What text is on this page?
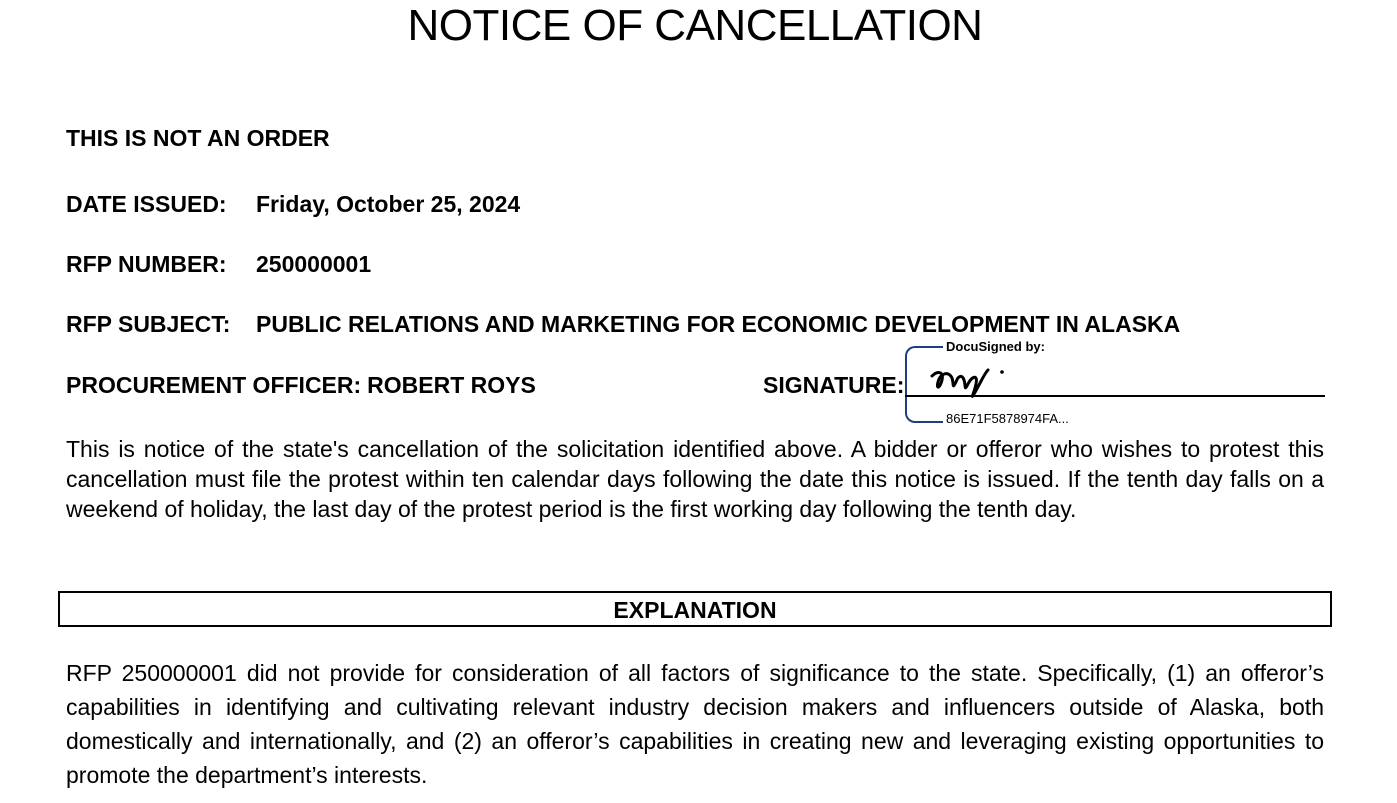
NOTICE OF CANCELLATION
THIS IS NOT AN ORDER
DATE ISSUED: Friday, October 25, 2024
RFP NUMBER: 250000001
RFP SUBJECT: PUBLIC RELATIONS AND MARKETING FOR ECONOMIC DEVELOPMENT IN ALASKA
PROCUREMENT OFFICER: ROBERT ROYS	SIGNATURE:
DocuSigned by:
86E71F5878974FA...
This is notice of the state's cancellation of the solicitation identified above. A bidder or offeror who wishes to protest this cancellation must file the protest within ten calendar days following the date this notice is issued. If the tenth day falls on a weekend of holiday, the last day of the protest period is the first working day following the tenth day.
EXPLANATION
RFP 250000001 did not provide for consideration of all factors of significance to the state. Specifically, (1) an offeror’s capabilities in identifying and cultivating relevant industry decision makers and influencers outside of Alaska, both domestically and internationally, and (2) an offeror’s capabilities in creating new and leveraging existing opportunities to promote the department’s interests.
